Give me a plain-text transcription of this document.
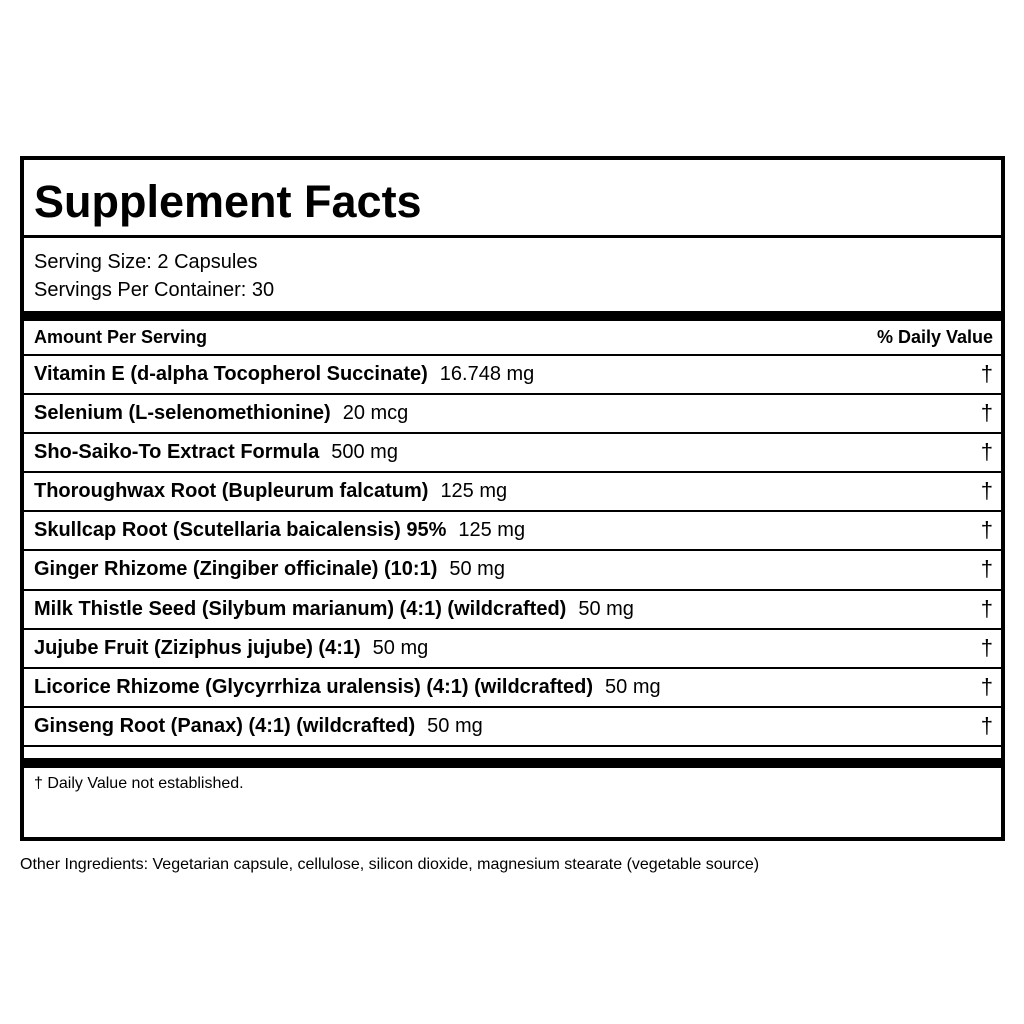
Supplement Facts
Serving Size: 2 Capsules
Servings Per Container: 30
Amount Per Serving	% Daily Value
Vitamin E (d-alpha Tocopherol Succinate) 16.748 mg	†
Selenium (L-selenomethionine) 20 mcg	†
Sho-Saiko-To Extract Formula 500 mg	†
Thoroughwax Root (Bupleurum falcatum) 125 mg	†
Skullcap Root (Scutellaria baicalensis) 95% 125 mg	†
Ginger Rhizome (Zingiber officinale) (10:1) 50 mg	†
Milk Thistle Seed (Silybum marianum) (4:1) (wildcrafted) 50 mg	†
Jujube Fruit (Ziziphus jujube) (4:1) 50 mg	†
Licorice Rhizome (Glycyrrhiza uralensis) (4:1) (wildcrafted) 50 mg	†
Ginseng Root (Panax) (4:1) (wildcrafted) 50 mg	†
† Daily Value not established.
Other Ingredients: Vegetarian capsule, cellulose, silicon dioxide, magnesium stearate (vegetable source)
